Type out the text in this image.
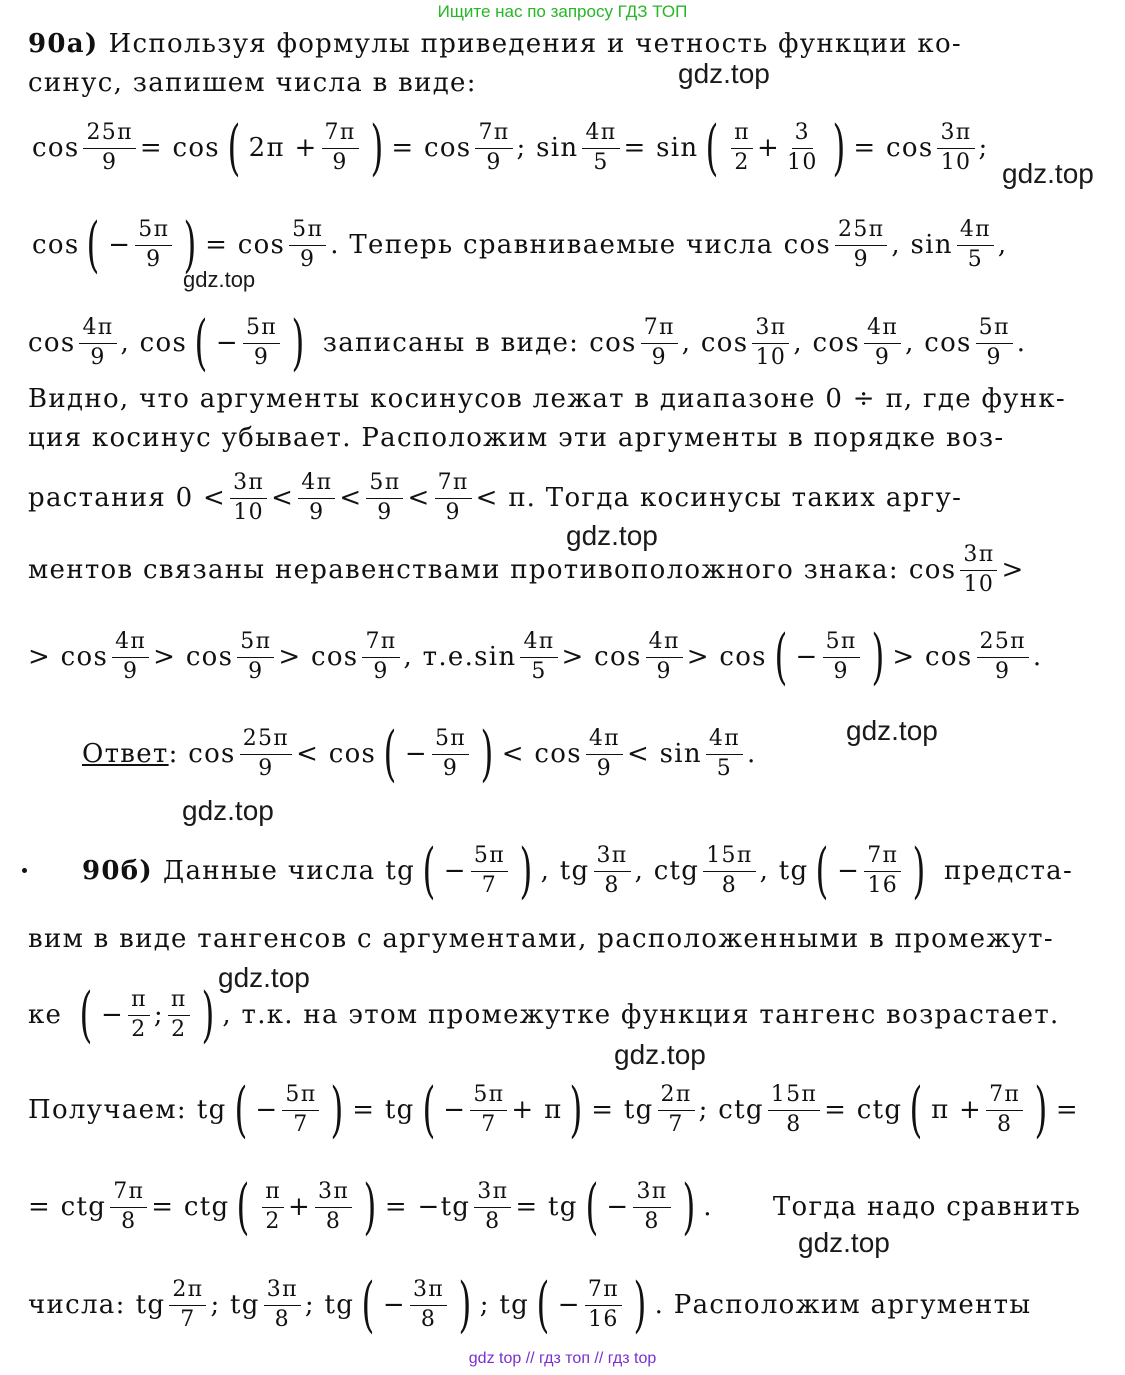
Ищите нас по запросу ГДЗ ТОП
gdz.top
gdz.top
gdz.top
gdz.top
gdz.top
gdz.top
gdz.top
gdz.top
gdz.top
90а) Используя формулы приведения и четность функции ко-
синус, запишем числа в виде:
$\cos \frac{25\pi}{9} = \cos$ ( $2\pi + \frac{7\pi}{9}$ ) = $\cos \frac{7\pi}{9}$ ; $\sin \frac{4\pi}{5} = \sin$ ( $\frac{\pi}{2} + \frac{3}{10}$ ) = $\cos \frac{3\pi}{10}$ ;
cos ( − $\frac{5\pi}{9}$ ) = $\cos \frac{5\pi}{9}$ . Теперь сравниваемые числа $\cos \frac{25\pi}{9}$ , $\sin \frac{4\pi}{5}$ ,
$\cos \frac{4\pi}{9}$ , cos ( − $\frac{5\pi}{9}$ ) записаны в виде: $\cos \frac{7\pi}{9}$ , $\cos \frac{3\pi}{10}$ , $\cos \frac{4\pi}{9}$ , $\cos \frac{5\pi}{9}$ .
Видно, что аргументы косинусов лежат в диапазоне 0 ÷ π, где функ-
ция косинус убывает. Расположим эти аргументы в порядке воз-
растания $0 < \frac{3\pi}{10} < \frac{4\pi}{9} < \frac{5\pi}{9} < \frac{7\pi}{9} < \pi$. Тогда косинусы таких аргу-
ментов связаны неравенствами противоположного знака: $\cos \frac{3\pi}{10}$ >
> $\cos \frac{4\pi}{9} > \cos \frac{5\pi}{9} > \cos \frac{7\pi}{9}$ , т.е. $\sin \frac{4\pi}{5} > \cos \frac{4\pi}{9} > \cos$ ( − $\frac{5\pi}{9}$ ) > $\cos \frac{25\pi}{9}$ .
Ответ : $\cos \frac{25\pi}{9} < \cos$ ( − $\frac{5\pi}{9}$ ) < $\cos \frac{4\pi}{9} < \sin \frac{4\pi}{5}$ .
90б) Данные числа tg ( − $\frac{5\pi}{7}$ ) , tg $\frac{3\pi}{8}$ , ctg $\frac{15\pi}{8}$ , tg ( − $\frac{7\pi}{16}$ ) предста-
вим в виде тангенсов с аргументами, расположенными в промежут-
ке ( − $\frac{\pi}{2}$ ; $\frac{\pi}{2}$ ) , т.к. на этом промежутке функция тангенс возрастает.
Получаем: tg ( − $\frac{5\pi}{7}$ ) = tg ( − $\frac{5\pi}{7} + \pi$ ) = tg $\frac{2\pi}{7}$ ; ctg $\frac{15\pi}{8}$ = ctg ( $\pi + \frac{7\pi}{8}$ ) =
= ctg $\frac{7\pi}{8}$ = ctg ( $\frac{\pi}{2} + \frac{3\pi}{8}$ ) = $-tg \frac{3\pi}{8}$ = tg ( − $\frac{3\pi}{8}$ ) . Тогда надо сравнить
числа: tg $\frac{2\pi}{7}$ ; tg $\frac{3\pi}{8}$ ; tg ( − $\frac{3\pi}{8}$ ) ; tg ( − $\frac{7\pi}{16}$ ) . Расположим аргументы
gdz top // гдз топ // гдз top
